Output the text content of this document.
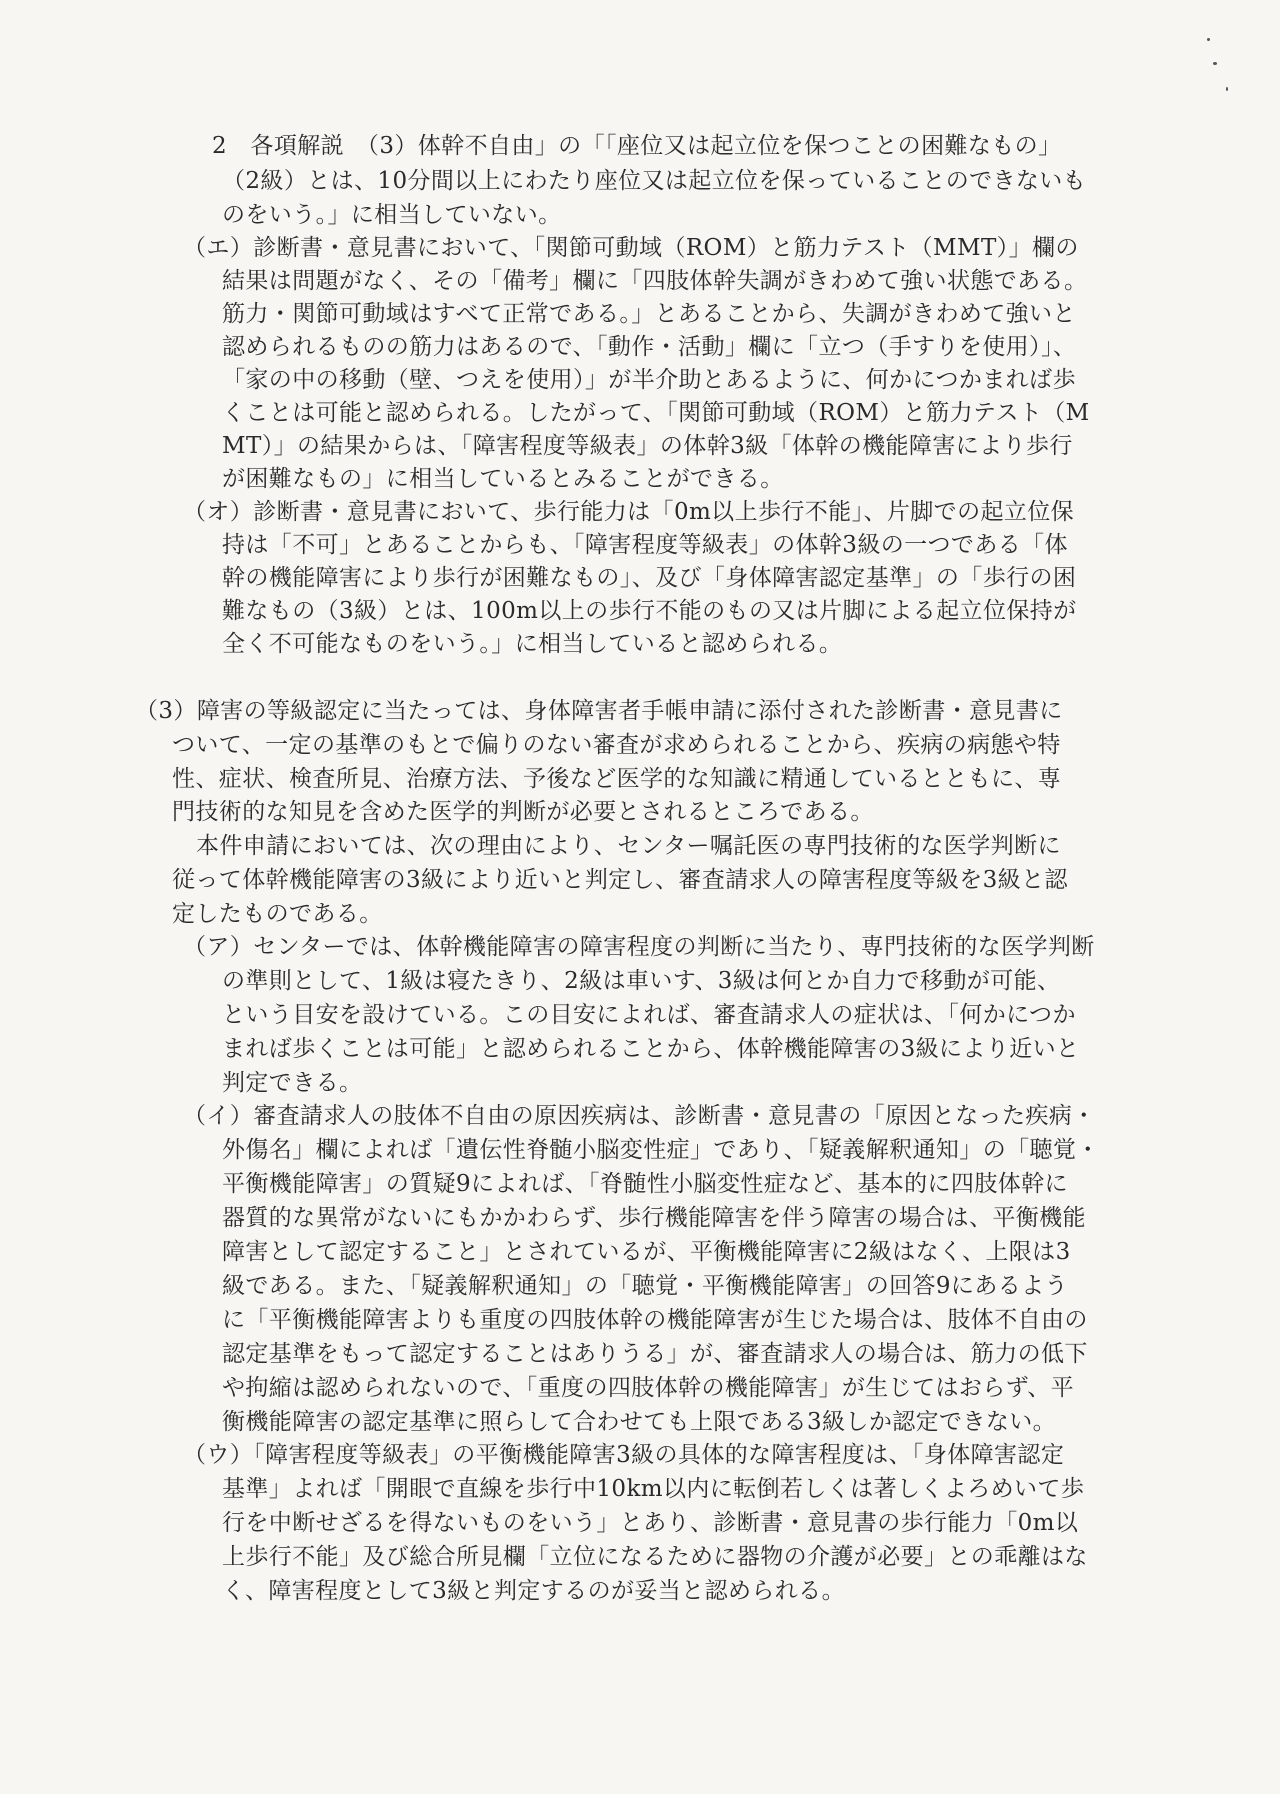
2　各項解説　（3）体幹不自由」の「「座位又は起立位を保つことの困難なもの」
（2級）とは、10分間以上にわたり座位又は起立位を保っていることのできないも
のをいう。」に相当していない。
（エ）診断書・意見書において、「関節可動域（ROM）と筋力テスト（MMT）」欄の
結果は問題がなく、その「備考」欄に「四肢体幹失調がきわめて強い状態である。
筋力・関節可動域はすべて正常である。」とあることから、失調がきわめて強いと
認められるものの筋力はあるので、「動作・活動」欄に「立つ（手すりを使用）」、
「家の中の移動（壁、つえを使用）」が半介助とあるように、何かにつかまれば歩
くことは可能と認められる。したがって、「関節可動域（ROM）と筋力テスト（M
MT）」の結果からは、「障害程度等級表」の体幹3級「体幹の機能障害により歩行
が困難なもの」に相当しているとみることができる。
（オ）診断書・意見書において、歩行能力は「0m以上歩行不能」、片脚での起立位保
持は「不可」とあることからも、「障害程度等級表」の体幹3級の一つである「体
幹の機能障害により歩行が困難なもの」、及び「身体障害認定基準」の「歩行の困
難なもの（3級）とは、100m以上の歩行不能のもの又は片脚による起立位保持が
全く不可能なものをいう。」に相当していると認められる。
（3）障害の等級認定に当たっては、身体障害者手帳申請に添付された診断書・意見書に
ついて、一定の基準のもとで偏りのない審査が求められることから、疾病の病態や特
性、症状、検査所見、治療方法、予後など医学的な知識に精通しているとともに、専
門技術的な知見を含めた医学的判断が必要とされるところである。
本件申請においては、次の理由により、センター嘱託医の専門技術的な医学判断に
従って体幹機能障害の3級により近いと判定し、審査請求人の障害程度等級を3級と認
定したものである。
（ア）センターでは、体幹機能障害の障害程度の判断に当たり、専門技術的な医学判断
の準則として、1級は寝たきり、2級は車いす、3級は何とか自力で移動が可能、
という目安を設けている。この目安によれば、審査請求人の症状は、「何かにつか
まれば歩くことは可能」と認められることから、体幹機能障害の3級により近いと
判定できる。
（イ）審査請求人の肢体不自由の原因疾病は、診断書・意見書の「原因となった疾病・
外傷名」欄によれば「遺伝性脊髄小脳変性症」であり、「疑義解釈通知」の「聴覚・
平衡機能障害」の質疑9によれば、「脊髄性小脳変性症など、基本的に四肢体幹に
器質的な異常がないにもかかわらず、歩行機能障害を伴う障害の場合は、平衡機能
障害として認定すること」とされているが、平衡機能障害に2級はなく、上限は3
級である。また、「疑義解釈通知」の「聴覚・平衡機能障害」の回答9にあるよう
に「平衡機能障害よりも重度の四肢体幹の機能障害が生じた場合は、肢体不自由の
認定基準をもって認定することはありうる」が、審査請求人の場合は、筋力の低下
や拘縮は認められないので、「重度の四肢体幹の機能障害」が生じてはおらず、平
衡機能障害の認定基準に照らして合わせても上限である3級しか認定できない。
（ウ）「障害程度等級表」の平衡機能障害3級の具体的な障害程度は、「身体障害認定
基準」よれば「開眼で直線を歩行中10km以内に転倒若しくは著しくよろめいて歩
行を中断せざるを得ないものをいう」とあり、診断書・意見書の歩行能力「0m以
上歩行不能」及び総合所見欄「立位になるために器物の介護が必要」との乖離はな
く、障害程度として3級と判定するのが妥当と認められる。
